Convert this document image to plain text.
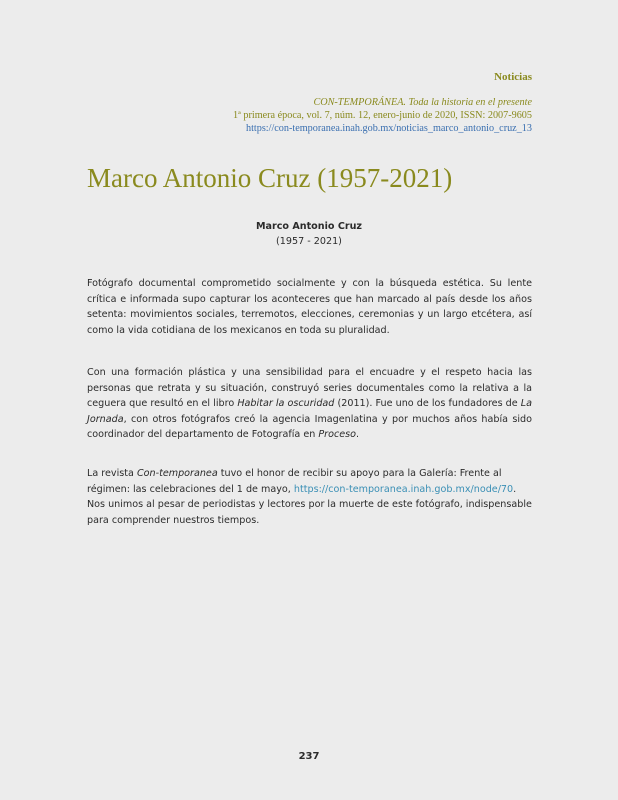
Noticias
CON-TEMPORÁNEA. Toda la historia en el presente
1ª primera época, vol. 7, núm. 12, enero-junio de 2020, ISSN: 2007-9605
https://con-temporanea.inah.gob.mx/noticias_marco_antonio_cruz_13
Marco Antonio Cruz (1957-2021)
Marco Antonio Cruz
(1957 - 2021)
Fotógrafo documental comprometido socialmente y con la búsqueda estética. Su lente crítica e informada supo capturar los aconteceres que han marcado al país desde los años setenta: movimientos sociales, terremotos, elecciones, ceremonias y un largo etcétera, así como la vida cotidiana de los mexicanos en toda su pluralidad.
Con una formación plástica y una sensibilidad para el encuadre y el respeto hacia las personas que retrata y su situación, construyó series documentales como la relativa a la ceguera que resultó en el libro Habitar la oscuridad (2011). Fue uno de los fundadores de La Jornada, con otros fotógrafos creó la agencia Imagenlatina y por muchos años había sido coordinador del departamento de Fotografía en Proceso.
La revista Con-temporanea tuvo el honor de recibir su apoyo para la Galería: Frente al régimen: las celebraciones del 1 de mayo, https://con-temporanea.inah.gob.mx/node/70. Nos unimos al pesar de periodistas y lectores por la muerte de este fotógrafo, indispensable para comprender nuestros tiempos.
237
